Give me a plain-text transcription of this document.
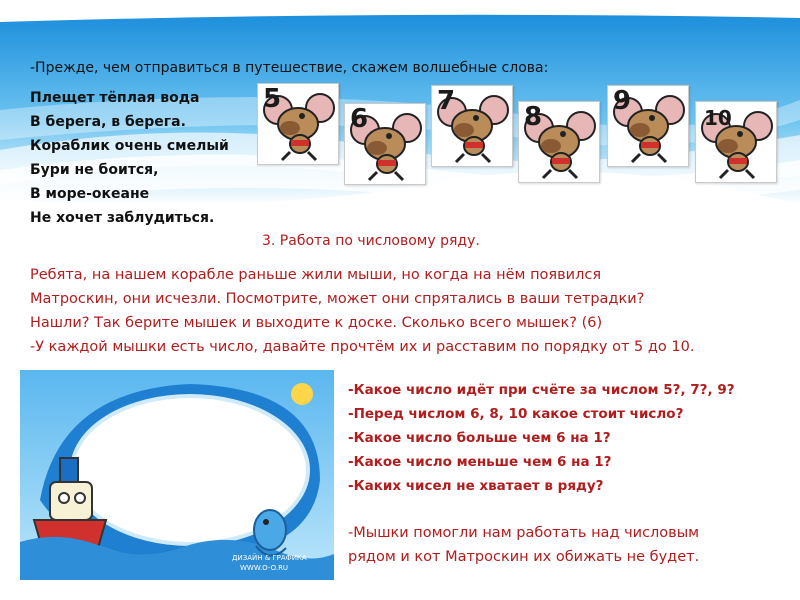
-Прежде, чем отправиться в путешествие, скажем волшебные слова:

Плещет тёплая вода
В берега, в берега.
Кораблик очень смелый
Бури не боится,
В море-океане
Не хочет заблудиться.
5
6
7
8
9
10

3. Работа по числовому ряду.

Ребята, на нашем корабле раньше жили мыши, но когда на нём появился
Матроскин, они исчезли. Посмотрите, может они спрятались в ваши тетрадки?
Нашли? Так берите мышек и выходите к доске. Сколько всего мышек? (6)
-У каждой мышки есть число, давайте прочтём их и расставим по порядку от 5 до 10.

ДИЗАЙН & ГРАФИКА
WWW.O-O.RU
-Какое число идёт при счёте за числом 5?, 7?, 9?
-Перед числом 6, 8, 10 какое стоит число?
-Какое число больше чем 6 на 1?
-Какое число меньше чем 6 на 1?
-Каких чисел не хватает в ряду?

-Мышки помогли нам работать над числовым
рядом и кот Матроскин их обижать не будет.
